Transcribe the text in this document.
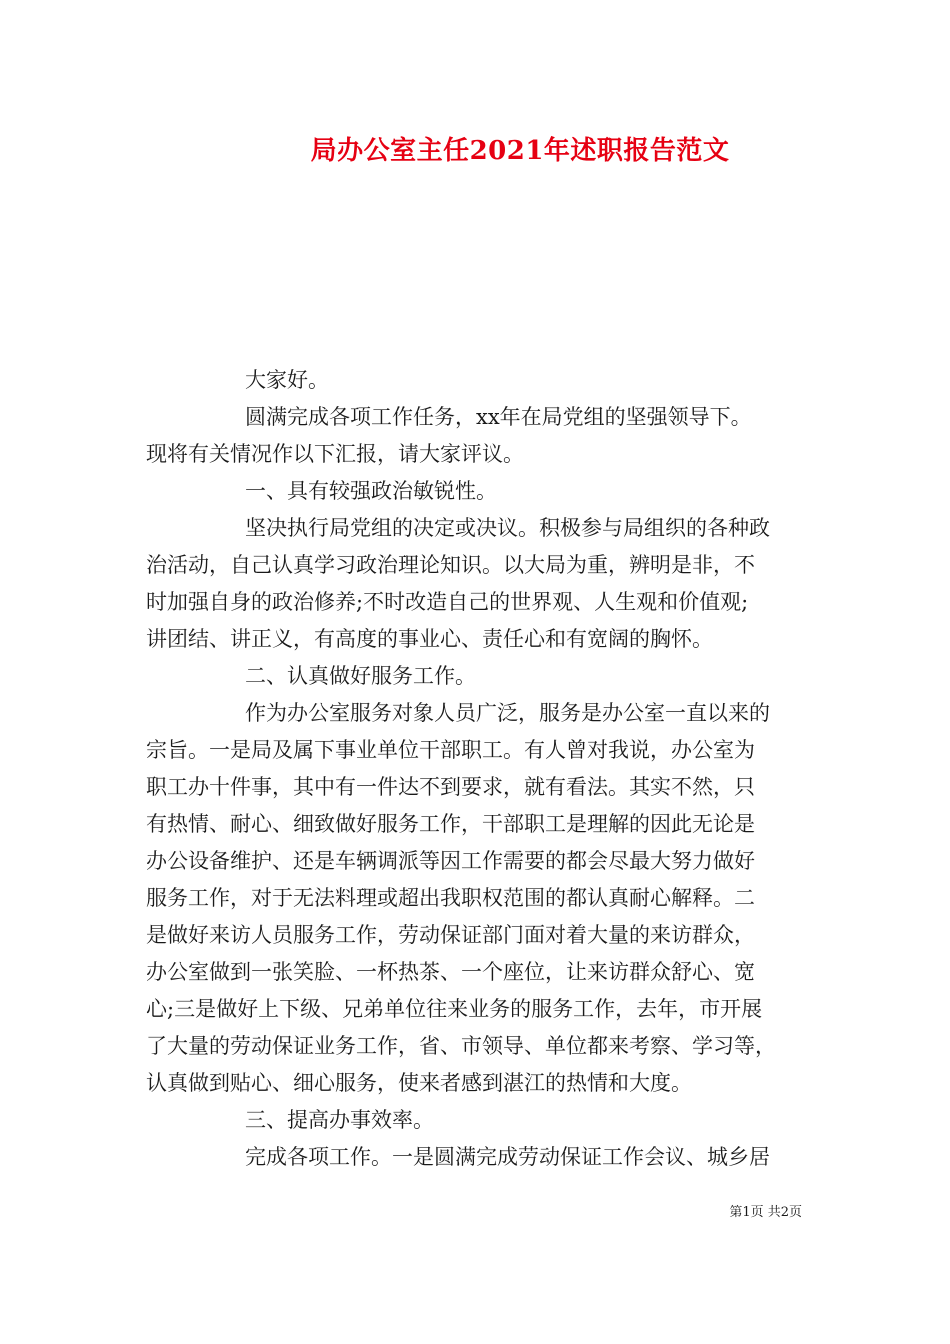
局办公室主任2021年述职报告范文
大家好。
圆满完成各项工作任务，xx年在局党组的坚强领导下。
现将有关情况作以下汇报，请大家评议。
一、具有较强政治敏锐性。
坚决执行局党组的决定或决议。积极参与局组织的各种政
治活动，自己认真学习政治理论知识。以大局为重，辨明是非，不
时加强自身的政治修养;不时改造自己的世界观、人生观和价值观;
讲团结、讲正义，有高度的事业心、责任心和有宽阔的胸怀。
二、认真做好服务工作。
作为办公室服务对象人员广泛，服务是办公室一直以来的
宗旨。一是局及属下事业单位干部职工。有人曾对我说，办公室为
职工办十件事，其中有一件达不到要求，就有看法。其实不然，只
有热情、耐心、细致做好服务工作，干部职工是理解的因此无论是
办公设备维护、还是车辆调派等因工作需要的都会尽最大努力做好
服务工作，对于无法料理或超出我职权范围的都认真耐心解释。二
是做好来访人员服务工作，劳动保证部门面对着大量的来访群众，
办公室做到一张笑脸、一杯热茶、一个座位，让来访群众舒心、宽
心;三是做好上下级、兄弟单位往来业务的服务工作，去年，市开展
了大量的劳动保证业务工作，省、市领导、单位都来考察、学习等，
认真做到贴心、细心服务，使来者感到湛江的热情和大度。
三、提高办事效率。
完成各项工作。一是圆满完成劳动保证工作会议、城乡居
第1页 共2页
